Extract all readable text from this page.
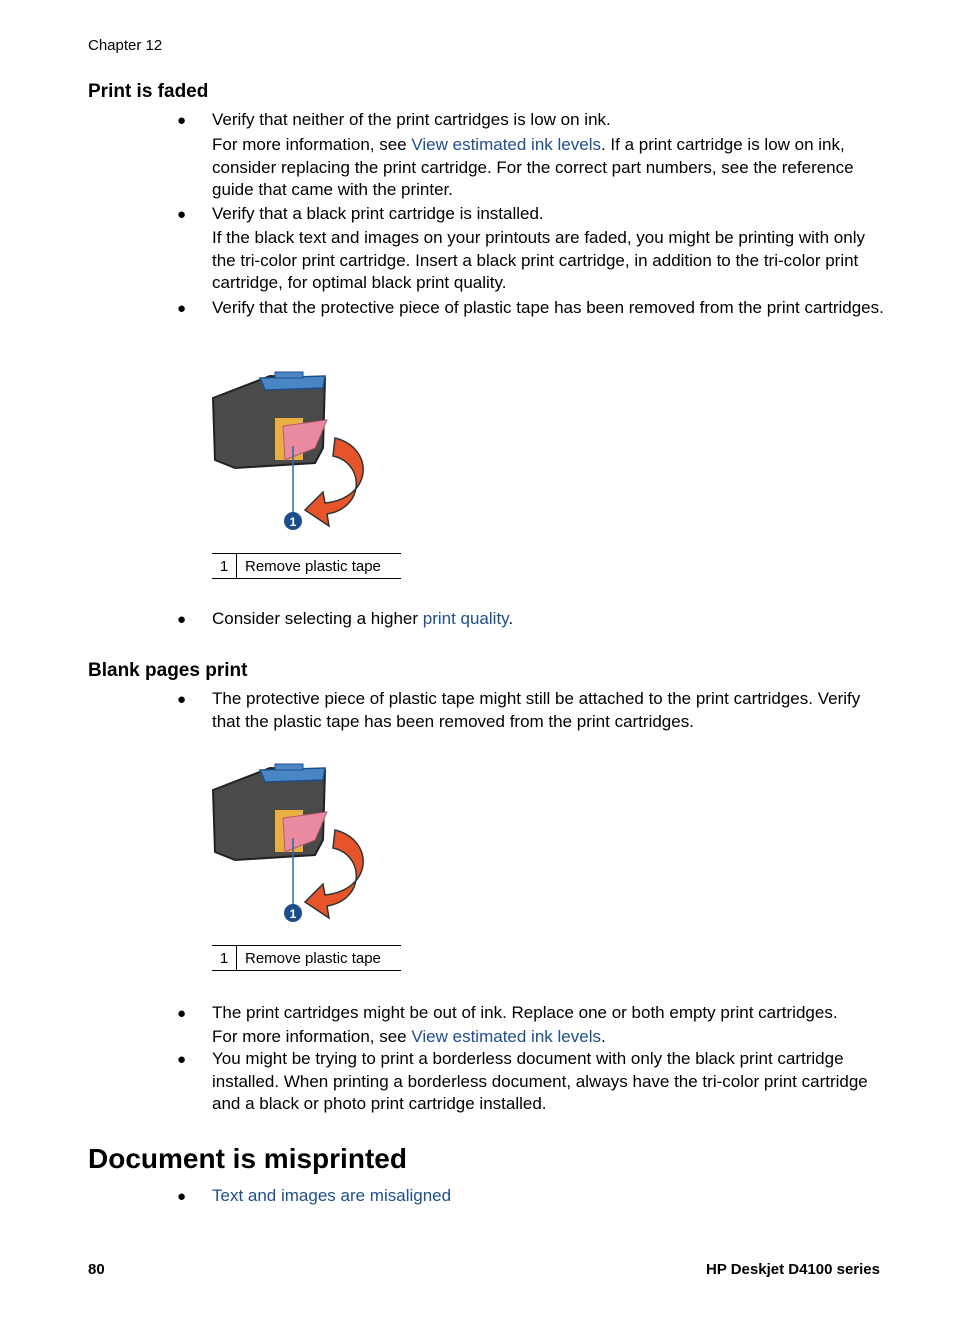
Chapter 12
Print is faded
● Verify that neither of the print cartridges is low on ink.
For more information, see View estimated ink levels. If a print cartridge is low on ink, consider replacing the print cartridge. For the correct part numbers, see the reference guide that came with the printer.
● Verify that a black print cartridge is installed.
If the black text and images on your printouts are faded, you might be printing with only the tri-color print cartridge. Insert a black print cartridge, in addition to the tri-color print cartridge, for optimal black print quality.
● Verify that the protective piece of plastic tape has been removed from the print cartridges.
1
1	Remove plastic tape
● Consider selecting a higher print quality.
Blank pages print
● The protective piece of plastic tape might still be attached to the print cartridges. Verify that the plastic tape has been removed from the print cartridges.
1
1	Remove plastic tape
● The print cartridges might be out of ink. Replace one or both empty print cartridges.
For more information, see View estimated ink levels.
● You might be trying to print a borderless document with only the black print cartridge installed. When printing a borderless document, always have the tri-color print cartridge and a black or photo print cartridge installed.
Document is misprinted
● Text and images are misaligned
80	HP Deskjet D4100 series
